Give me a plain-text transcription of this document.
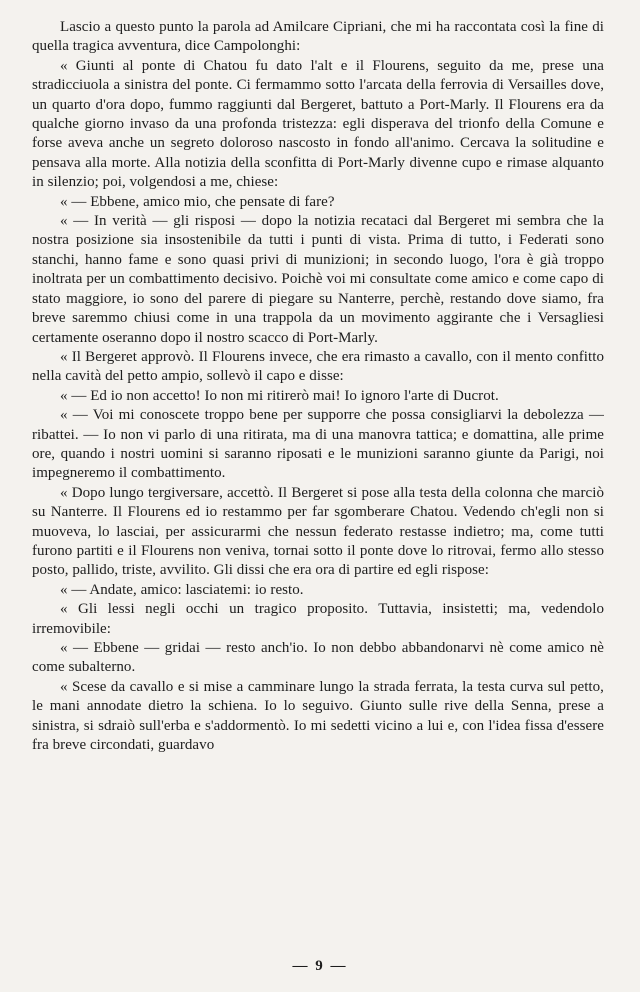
Lascio a questo punto la parola ad Amilcare Cipriani, che mi ha raccontata così la fine di quella tragica avventura, dice Campolonghi:

« Giunti al ponte di Chatou fu dato l'alt e il Flourens, seguito da me, prese una stradicciuola a sinistra del ponte. Ci fermammo sotto l'arcata della ferrovia di Versailles dove, un quarto d'ora dopo, fummo raggiunti dal Bergeret, battuto a Port-Marly. Il Flourens era da qualche giorno invaso da una profonda tristezza: egli disperava del trionfo della Comune e forse aveva anche un segreto doloroso nascosto in fondo all'animo. Cercava la solitudine e pensava alla morte. Alla notizia della sconfitta di Port-Marly divenne cupo e rimase alquanto in silenzio; poi, volgendosi a me, chiese:

« — Ebbene, amico mio, che pensate di fare?

« — In verità — gli risposi — dopo la notizia recataci dal Bergeret mi sembra che la nostra posizione sia insostenibile da tutti i punti di vista. Prima di tutto, i Federati sono stanchi, hanno fame e sono quasi privi di munizioni; in secondo luogo, l'ora è già troppo inoltrata per un combattimento decisivo. Poichè voi mi consultate come amico e come capo di stato maggiore, io sono del parere di piegare su Nanterre, perchè, restando dove siamo, fra breve saremmo chiusi come in una trappola da un movimento aggirante che i Versagliesi certamente oseranno dopo il nostro scacco di Port-Marly.

« Il Bergeret approvò. Il Flourens invece, che era rimasto a cavallo, con il mento confitto nella cavità del petto ampio, sollevò il capo e disse:

« — Ed io non accetto! Io non mi ritirerò mai! Io ignoro l'arte di Ducrot.

« — Voi mi conoscete troppo bene per supporre che possa consigliarvi la debolezza — ribattei. — Io non vi parlo di una ritirata, ma di una manovra tattica; e domattina, alle prime ore, quando i nostri uomini si saranno riposati e le munizioni saranno giunte da Parigi, noi impegneremo il combattimento.

« Dopo lungo tergiversare, accettò. Il Bergeret si pose alla testa della colonna che marciò su Nanterre. Il Flourens ed io restammo per far sgomberare Chatou. Vedendo ch'egli non si muoveva, lo lasciai, per assicurarmi che nessun federato restasse indietro; ma, come tutti furono partiti e il Flourens non veniva, tornai sotto il ponte dove lo ritrovai, fermo allo stesso posto, pallido, triste, avvilito. Gli dissi che era ora di partire ed egli rispose:

« — Andate, amico: lasciatemi: io resto.

« Gli lessi negli occhi un tragico proposito. Tuttavia, insistetti; ma, vedendolo irremovibile:

« — Ebbene — gridai — resto anch'io. Io non debbo abbandonarvi nè come amico nè come subalterno.

« Scese da cavallo e si mise a camminare lungo la strada ferrata, la testa curva sul petto, le mani annodate dietro la schiena. Io lo seguivo. Giunto sulle rive della Senna, prese a sinistra, si sdraiò sull'erba e s'addormentò. Io mi sedetti vicino a lui e, con l'idea fissa d'essere fra breve circondati, guardavo

— 9 —
